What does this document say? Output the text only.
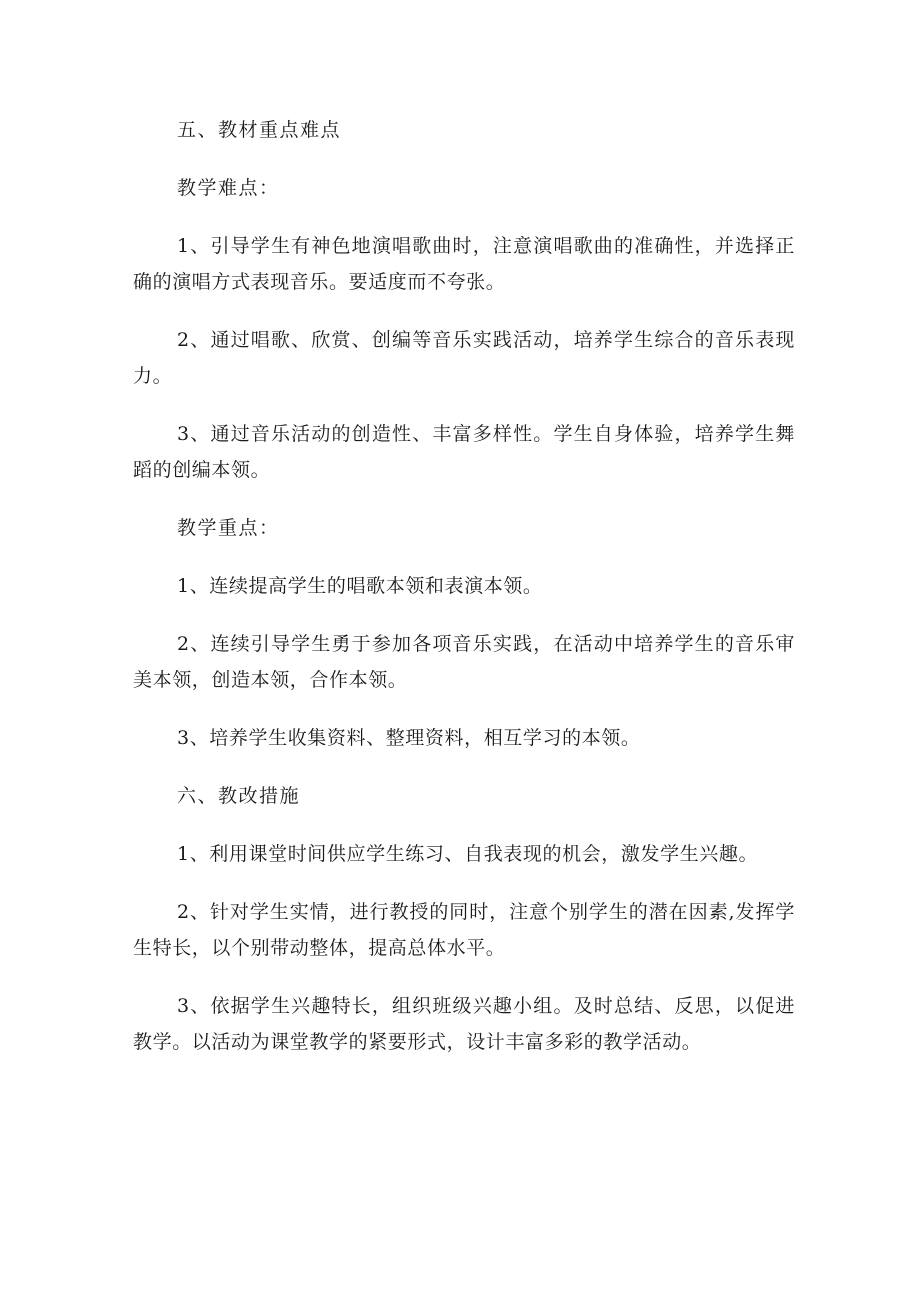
五、教材重点难点

教学难点：

1、引导学生有神色地演唱歌曲时，注意演唱歌曲的准确性，并选择正确的演唱方式表现音乐。要适度而不夸张。

2、通过唱歌、欣赏、创编等音乐实践活动，培养学生综合的音乐表现力。

3、通过音乐活动的创造性、丰富多样性。学生自身体验，培养学生舞蹈的创编本领。

教学重点：

1、连续提高学生的唱歌本领和表演本领。

2、连续引导学生勇于参加各项音乐实践，在活动中培养学生的音乐审美本领，创造本领，合作本领。

3、培养学生收集资料、整理资料，相互学习的本领。

六、教改措施

1、利用课堂时间供应学生练习、自我表现的机会，激发学生兴趣。

2、针对学生实情，进行教授的同时，注意个别学生的潜在因素,发挥学生特长，以个别带动整体，提高总体水平。

3、依据学生兴趣特长，组织班级兴趣小组。及时总结、反思，以促进教学。以活动为课堂教学的紧要形式，设计丰富多彩的教学活动。
